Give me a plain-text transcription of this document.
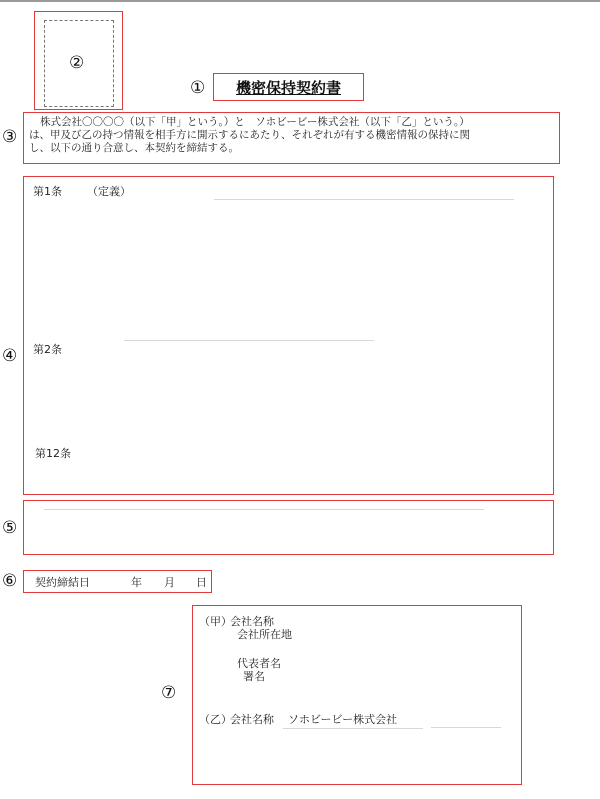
②
①	機密保持契約書
③
株式会社〇〇〇〇（以下「甲」という。）と　ソホビービー株式会社（以下「乙」という。）
は、甲及び乙の持つ情報を相手方に開示するにあたり、それぞれが有する機密情報の保持に関
し、以下の通り合意し、本契約を締結する。
④
第1条 （定義）
第2条
第12条
⑤
⑥ 契約締結日	年 月 日
⑦
（甲）
会社名称
会社所在地
代表者名
署名
（乙）
会社名称 ソホビービー株式会社
